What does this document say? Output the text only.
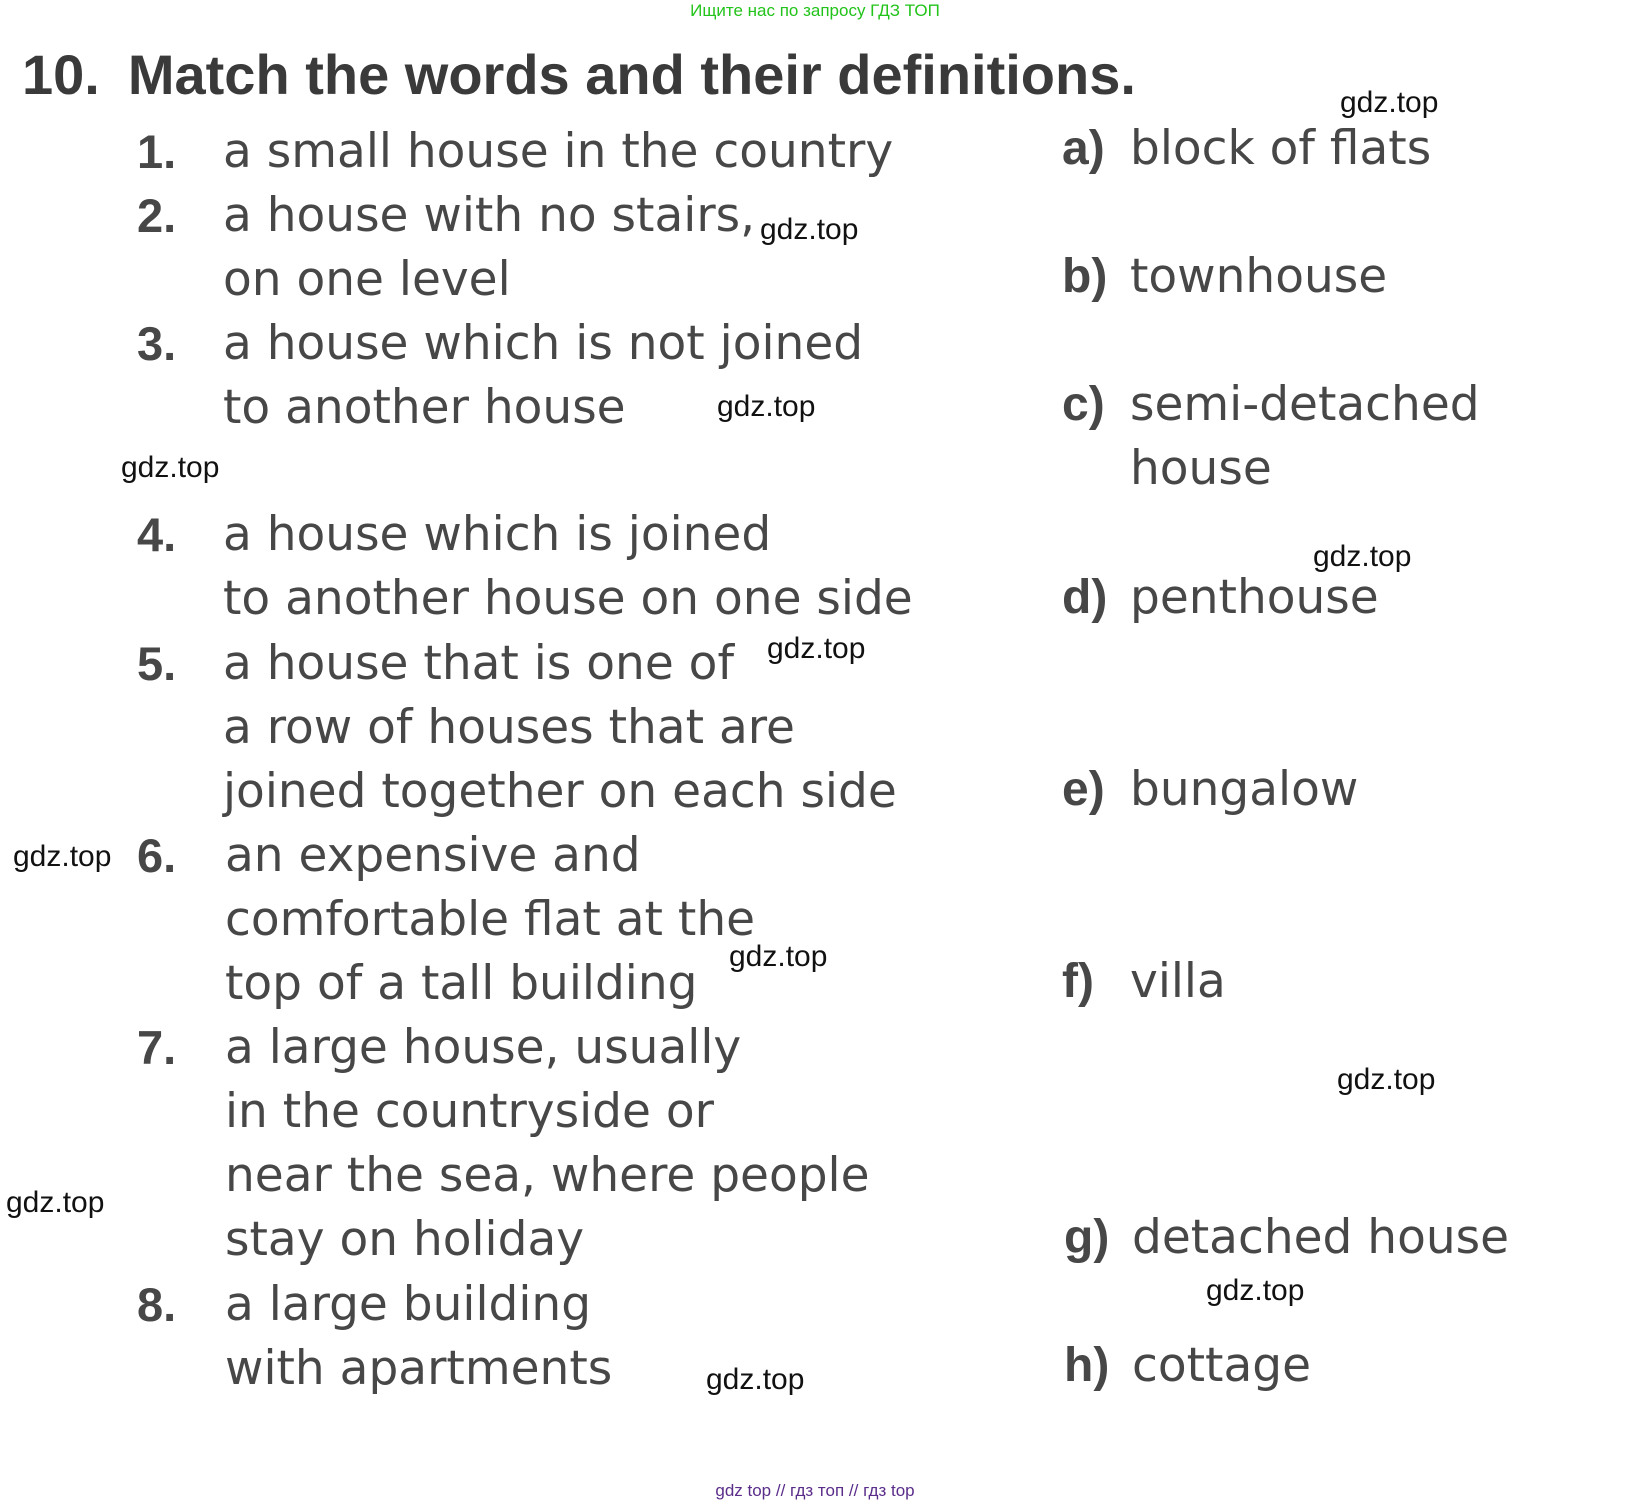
Ищите нас по запросу ГДЗ ТОП
10. Match the words and their definitions.
1.
2.
3.
4.
5.
6.
7.
8.
a small house in the country
a house with no stairs,
on one level
a house which is not joined
to another house
a house which is joined
to another house on one side
a house that is one of
a row of houses that are
joined together on each side
an expensive and
comfortable flat at the
top of a tall building
a large house, usually
in the countryside or
near the sea, where people
stay on holiday
a large building
with apartments
a)
b)
c)
d)
e)
f)
g)
h)
block of flats
townhouse
semi-detached
house
penthouse
bungalow
villa
detached house
cottage
gdz.top
gdz.top
gdz.top
gdz.top
gdz.top
gdz.top
gdz.top
gdz.top
gdz.top
gdz.top
gdz.top
gdz.top
gdz top // гдз топ // гдз top
